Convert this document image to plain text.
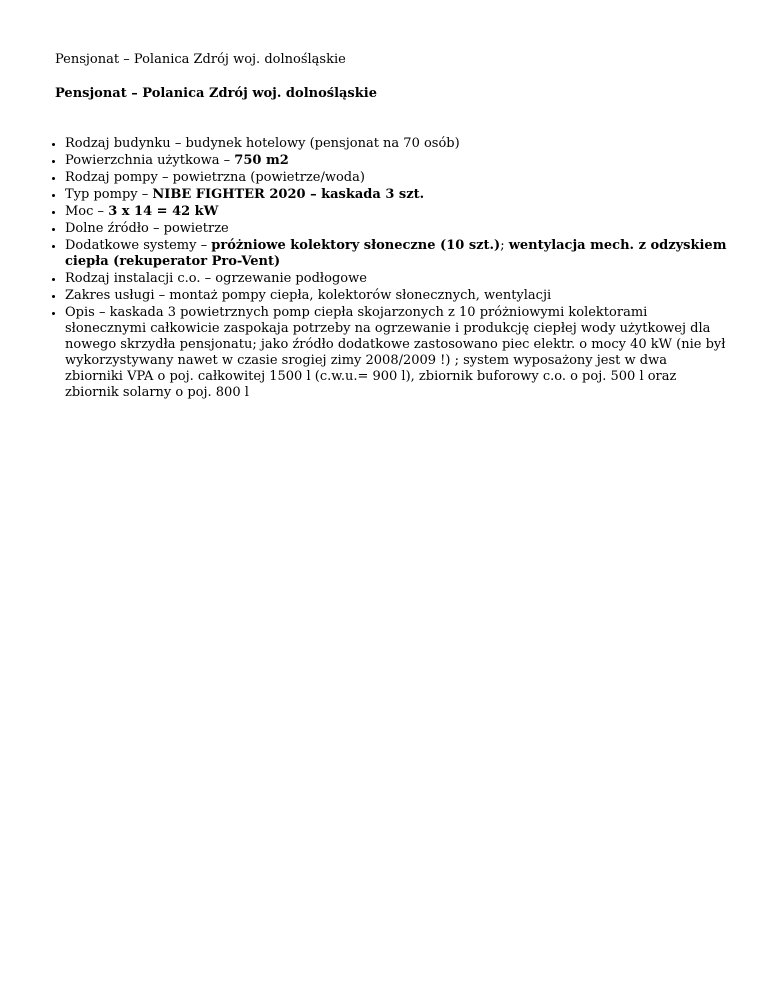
Pensjonat – Polanica Zdrój woj. dolnośląskie

Pensjonat – Polanica Zdrój woj. dolnośląskie

• Rodzaj budynku – budynek hotelowy (pensjonat na 70 osób)
• Powierzchnia użytkowa – 750 m2
• Rodzaj pompy – powietrzna (powietrze/woda)
• Typ pompy – NIBE FIGHTER 2020 – kaskada 3 szt.
• Moc – 3 x 14 = 42 kW
• Dolne źródło – powietrze
• Dodatkowe systemy – próżniowe kolektory słoneczne (10 szt.); wentylacja mech. z odzyskiem ciepła (rekuperator Pro-Vent)
• Rodzaj instalacji c.o. – ogrzewanie podłogowe
• Zakres usługi – montaż pompy ciepła, kolektorów słonecznych, wentylacji
• Opis – kaskada 3 powietrznych pomp ciepła skojarzonych z 10 próżniowymi kolektorami słonecznymi całkowicie zaspokaja potrzeby na ogrzewanie i produkcję ciepłej wody użytkowej dla nowego skrzydła pensjonatu; jako źródło dodatkowe zastosowano piec elektr. o mocy 40 kW (nie był wykorzystywany nawet w czasie srogiej zimy 2008/2009 !) ; system wyposażony jest w dwa zbiorniki VPA o poj. całkowitej 1500 l (c.w.u.= 900 l), zbiornik buforowy c.o. o poj. 500 l oraz zbiornik solarny o poj. 800 l
